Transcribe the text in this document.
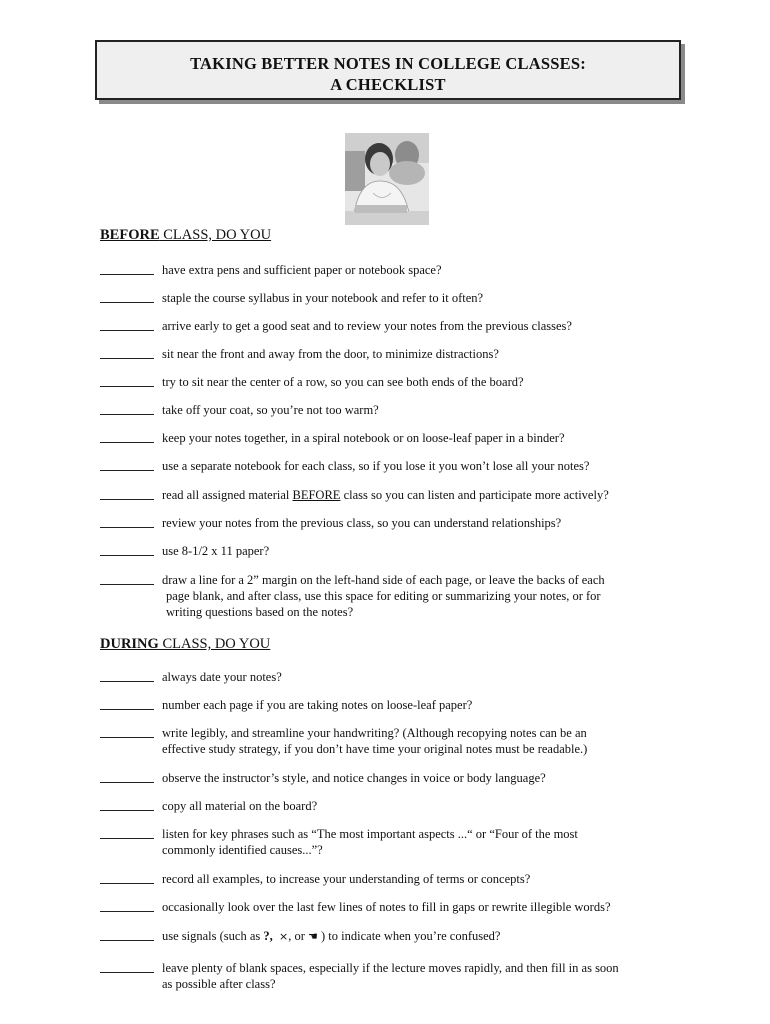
TAKING BETTER NOTES IN COLLEGE CLASSES:
A CHECKLIST
BEFORE CLASS, DO YOU
have extra pens and sufficient paper or notebook space?
staple the course syllabus in your notebook and refer to it often?
arrive early to get a good seat and to review your notes from the previous classes?
sit near the front and away from the door, to minimize distractions?
try to sit near the center of a row, so you can see both ends of the board?
take off your coat, so you’re not too warm?
keep your notes together, in a spiral notebook or on loose-leaf paper in a binder?
use a separate notebook for each class, so if you lose it you won’t lose all your notes?
read all assigned material BEFORE class so you can listen and participate more actively?
review your notes from the previous class, so you can understand relationships?
use 8-1/2 x 11 paper?
draw a line for a 2” margin on the left-hand side of each page, or leave the backs of each
page blank, and after class, use this space for editing or summarizing your notes, or for
writing questions based on the notes?
DURING CLASS, DO YOU
always date your notes?
number each page if you are taking notes on loose-leaf paper?
write legibly, and streamline your handwriting? (Although recopying notes can be an
effective study strategy, if you don’t have time your original notes must be readable.)
observe the instructor’s style, and notice changes in voice or body language?
copy all material on the board?
listen for key phrases such as “The most important aspects ...“ or “Four of the most
commonly identified causes...”?
record all examples, to increase your understanding of terms or concepts?
occasionally look over the last few lines of notes to fill in gaps or rewrite illegible words?
use signals (such as ?, ×, or ☚ ) to indicate when you’re confused?
leave plenty of blank spaces, especially if the lecture moves rapidly, and then fill in as soon
as possible after class?
